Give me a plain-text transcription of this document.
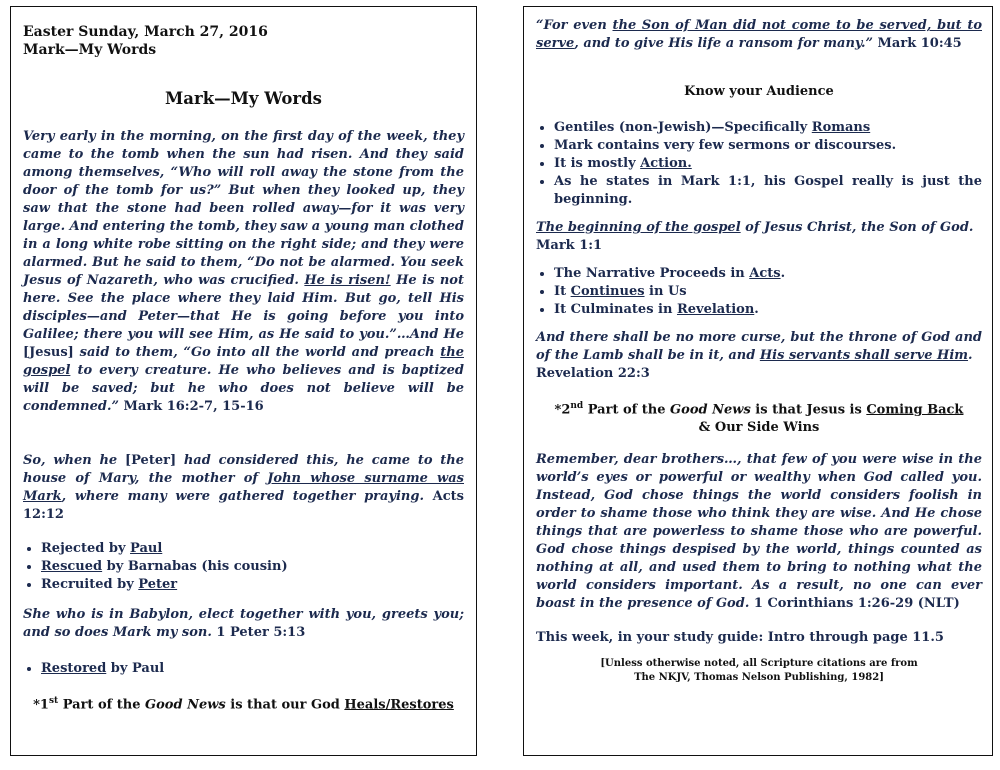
Easter Sunday, March 27, 2016
Mark—My Words
Mark—My Words

Very early in the morning, on the first day of the week, they came to the tomb when the sun had risen. And they said among themselves, “Who will roll away the stone from the door of the tomb for us?” But when they looked up, they saw that the stone had been rolled away—for it was very large. And entering the tomb, they saw a young man clothed in a long white robe sitting on the right side; and they were alarmed. But he said to them, “Do not be alarmed. You seek Jesus of Nazareth, who was crucified. He is risen! He is not here. See the place where they laid Him. But go, tell His disciples—and Peter—that He is going before you into Galilee; there you will see Him, as He said to you.”…And He [Jesus] said to them, “Go into all the world and preach the gospel to every creature. He who believes and is baptized will be saved; but he who does not believe will be condemned.” Mark 16:2-7, 15-16

So, when he [Peter] had considered this, he came to the house of Mary, the mother of John whose surname was Mark, where many were gathered together praying. Acts 12:12

• Rejected by Paul
• Rescued by Barnabas (his cousin)
• Recruited by Peter

She who is in Babylon, elect together with you, greets you; and so does Mark my son. 1 Peter 5:13

• Restored by Paul
*1st Part of the Good News is that our God Heals/Restores

“For even the Son of Man did not come to be served, but to serve, and to give His life a ransom for many.” Mark 10:45

Know your Audience
• Gentiles (non-Jewish)—Specifically Romans
• Mark contains very few sermons or discourses.
• It is mostly Action.
• As he states in Mark 1:1, his Gospel really is just the beginning.

The beginning of the gospel of Jesus Christ, the Son of God.

Mark 1:1

• The Narrative Proceeds in Acts.
• It Continues in Us
• It Culminates in Revelation.

And there shall be no more curse, but the throne of God and of the Lamb shall be in it, and His servants shall serve Him.

Revelation 22:3

*2nd Part of the Good News is that Jesus is Coming Back
& Our Side Wins

Remember, dear brothers…, that few of you were wise in the world’s eyes or powerful or wealthy when God called you. Instead, God chose things the world considers foolish in order to shame those who think they are wise. And He chose things that are powerless to shame those who are powerful. God chose things despised by the world, things counted as nothing at all, and used them to bring to nothing what the world considers important. As a result, no one can ever boast in the presence of God. 1 Corinthians 1:26-29 (NLT)

This week, in your study guide: Intro through page 11.5

[Unless otherwise noted, all Scripture citations are from
The NKJV, Thomas Nelson Publishing, 1982]
